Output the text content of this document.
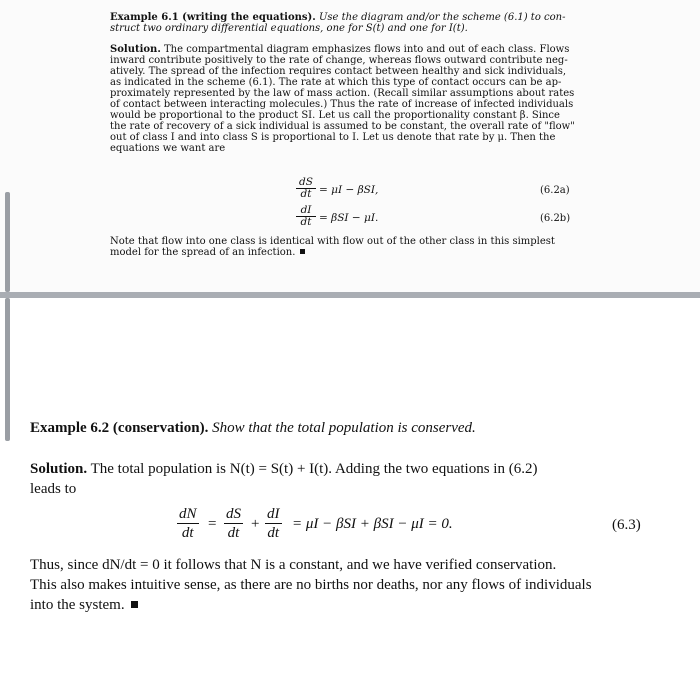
Example 6.1 (writing the equations). Use the diagram and/or the scheme (6.1) to con-
struct two ordinary differential equations, one for S(t) and one for I(t).
Solution. The compartmental diagram emphasizes flows into and out of each class. Flows
inward contribute positively to the rate of change, whereas flows outward contribute neg-
atively. The spread of the infection requires contact between healthy and sick individuals,
as indicated in the scheme (6.1). The rate at which this type of contact occurs can be ap-
proximately represented by the law of mass action. (Recall similar assumptions about rates
of contact between interacting molecules.) Thus the rate of increase of infected individuals
would be proportional to the product SI. Let us call the proportionality constant β. Since
the rate of recovery of a sick individual is assumed to be constant, the overall rate of "flow"
out of class I and into class S is proportional to I. Let us denote that rate by μ. Then the
equations we want are
$\frac{dS}{dt} = \mu I - \beta SI$,	(6.2a)
$\frac{dI}{dt} = \beta SI - \mu I$.	(6.2b)
Note that flow into one class is identical with flow out of the other class in this simplest
model for the spread of an infection.
Example 6.2 (conservation). Show that the total population is conserved.
Solution. The total population is N(t) = S(t) + I(t). Adding the two equations in (6.2)
leads to
$\frac{dN}{dt} = \frac{dS}{dt} + \frac{dI}{dt} = \mu I - \beta SI + \beta SI - \mu I = 0$.	(6.3)
Thus, since dN/dt = 0 it follows that N is a constant, and we have verified conservation.
This also makes intuitive sense, as there are no births nor deaths, nor any flows of individuals
into the system.
